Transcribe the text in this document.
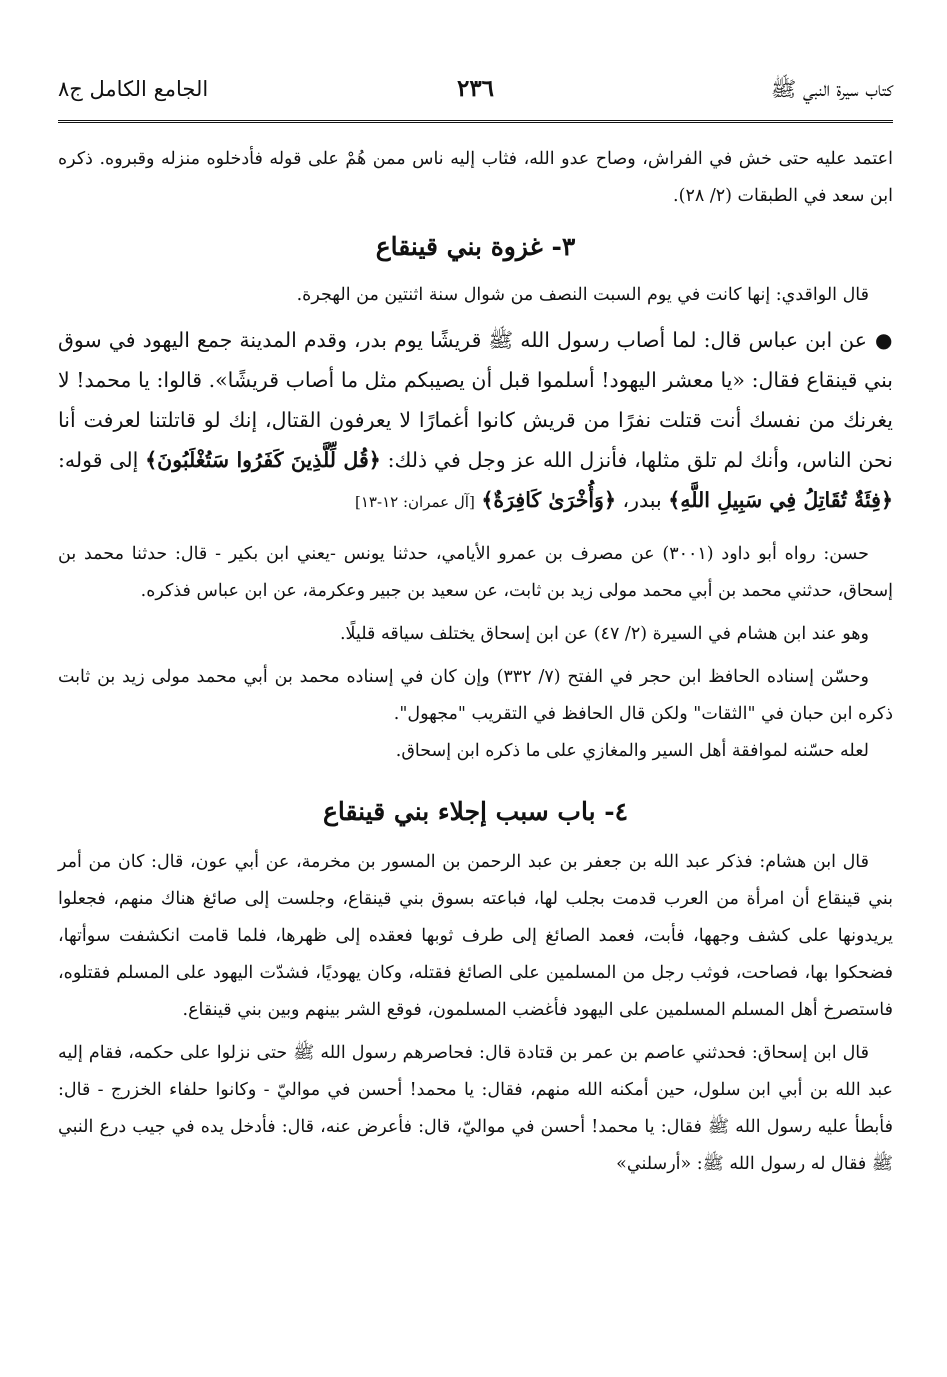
كتاب سيرة النبي ﷺ
٢٣٦
الجامع الكامل ج٨

اعتمد عليه حتى خش في الفراش، وصاح عدو الله، فثاب إليه ناس ممن هُمْ على قوله فأدخلوه منزله وقبروه. ذكره ابن سعد في الطبقات (٢/ ٢٨).

٣- غزوة بني قينقاع

قال الواقدي: إنها كانت في يوم السبت النصف من شوال سنة اثنتين من الهجرة.

●عن ابن عباس قال: لما أصاب رسول الله ﷺ قريشًا يوم بدر، وقدم المدينة جمع اليهود في سوق بني قينقاع فقال: «يا معشر اليهود! أسلموا قبل أن يصيبكم مثل ما أصاب قريشًا». قالوا: يا محمد! لا يغرنك من نفسك أنت قتلت نفرًا من قريش كانوا أغمارًا لا يعرفون القتال، إنك لو قاتلتنا لعرفت أنا نحن الناس، وأنك لم تلق مثلها، فأنزل الله عز وجل في ذلك: ﴿قُل لِّلَّذِينَ كَفَرُوا سَتُغْلَبُونَ﴾ إلى قوله: ﴿فِئَةٌ تُقَاتِلُ فِي سَبِيلِ اللَّهِ﴾ ببدر، ﴿وَأُخْرَىٰ كَافِرَةٌ﴾ [آل عمران: ١٢-١٣]

حسن: رواه أبو داود (٣٠٠١) عن مصرف بن عمرو الأيامي، حدثنا يونس -يعني ابن بكير - قال: حدثنا محمد بن إسحاق، حدثني محمد بن أبي محمد مولى زيد بن ثابت، عن سعيد بن جبير وعكرمة، عن ابن عباس فذكره.

وهو عند ابن هشام في السيرة (٢/ ٤٧) عن ابن إسحاق يختلف سياقه قليلًا.

وحسّن إسناده الحافظ ابن حجر في الفتح (٧/ ٣٣٢) وإن كان في إسناده محمد بن أبي محمد مولى زيد بن ثابت ذكره ابن حبان في "الثقات" ولكن قال الحافظ في التقريب "مجهول".

لعله حسّنه لموافقة أهل السير والمغازي على ما ذكره ابن إسحاق.

٤- باب سبب إجلاء بني قينقاع

قال ابن هشام: فذكر عبد الله بن جعفر بن عبد الرحمن بن المسور بن مخرمة، عن أبي عون، قال: كان من أمر بني قينقاع أن امرأة من العرب قدمت بجلب لها، فباعته بسوق بني قينقاع، وجلست إلى صائغ هناك منهم، فجعلوا يريدونها على كشف وجهها، فأبت، فعمد الصائغ إلى طرف ثوبها فعقده إلى ظهرها، فلما قامت انكشفت سوأتها، فضحكوا بها، فصاحت، فوثب رجل من المسلمين على الصائغ فقتله، وكان يهوديًا، فشدّت اليهود على المسلم فقتلوه، فاستصرخ أهل المسلم المسلمين على اليهود فأغضب المسلمون، فوقع الشر بينهم وبين بني قينقاع.

قال ابن إسحاق: فحدثني عاصم بن عمر بن قتادة قال: فحاصرهم رسول الله ﷺ حتى نزلوا على حكمه، فقام إليه عبد الله بن أبي ابن سلول، حين أمكنه الله منهم، فقال: يا محمد! أحسن في مواليّ - وكانوا حلفاء الخزرج - قال: فأبطأ عليه رسول الله ﷺ فقال: يا محمد! أحسن في مواليّ، قال: فأعرض عنه، قال: فأدخل يده في جيب درع النبي ﷺ فقال له رسول الله ﷺ: «أرسلني»
